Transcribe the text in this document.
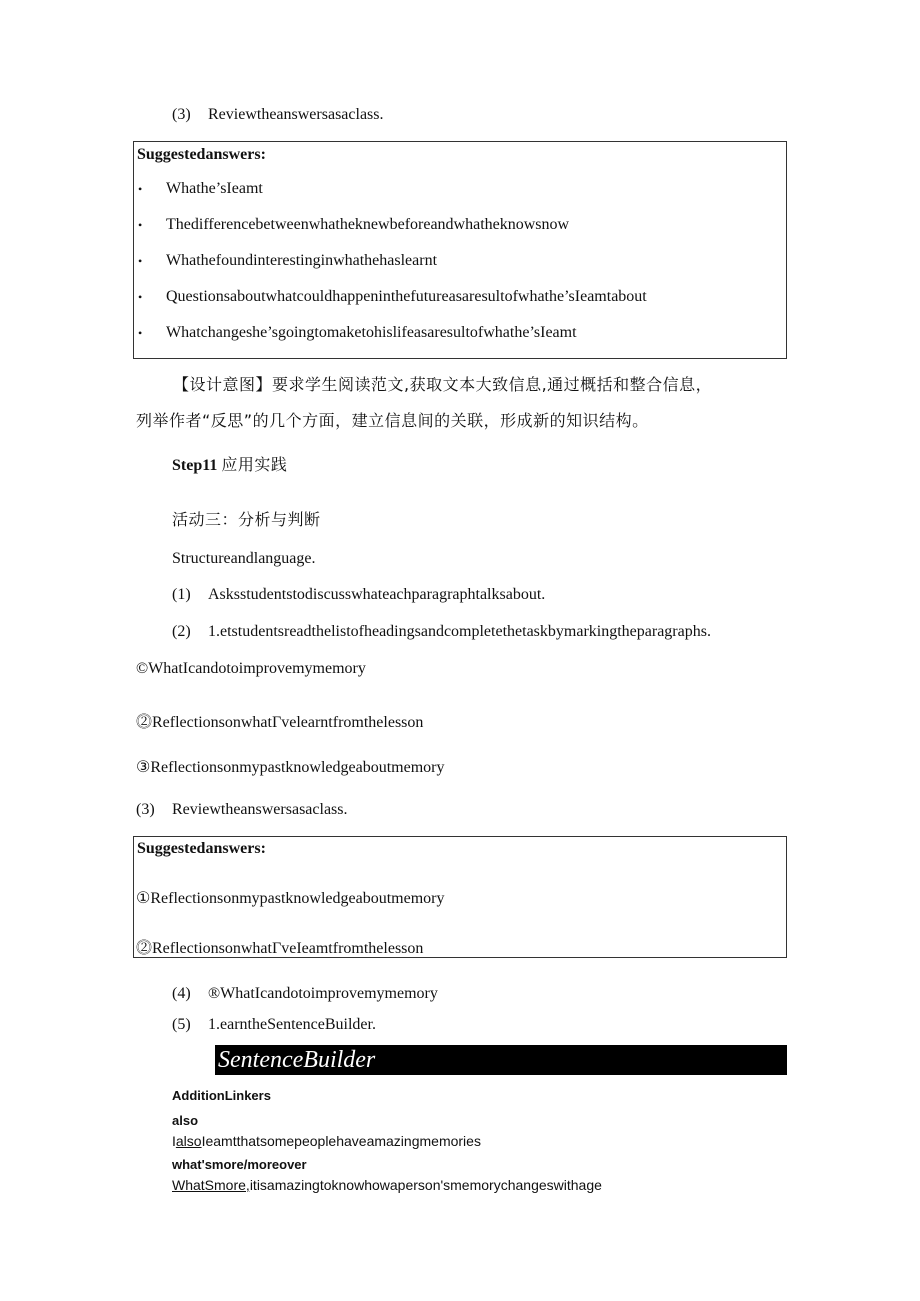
(3) Reviewtheanswersasaclass.
Suggestedanswers:
• Whathe’sIeamt
• Thedifferencebetweenwhatheknewbeforeandwhatheknowsnow
• Whathefoundinterestinginwhathehaslearnt
• Questionsaboutwhatcouldhappeninthefutureasaresultofwhathe’sIeamtabout
• Whatchangeshe’sgoingtomaketohislifeasaresultofwhathe’sIeamt
【设计意图】要求学生阅读范文,获取文本大致信息,通过概括和整合信息，
列举作者“反思”的几个方面，建立信息间的关联，形成新的知识结构。
Step11 应用实践
活动三：分析与判断
Structureandlanguage.
(1) Asksstudentstodiscusswhateachparagraphtalksabout.
(2) 1.etstudentsreadthelistofheadingsandcompletethetaskbymarkingtheparagraphs.
©WhatIcandotoimprovemymemory
⓶ReflectionsonwhatΓvelearntfromthelesson
③Reflectionsonmypastknowledgeaboutmemory
(3) Reviewtheanswersasaclass.
Suggestedanswers:
①Reflectionsonmypastknowledgeaboutmemory
⓶ReflectionsonwhatΓveIeamtfromthelesson
(4) ®WhatIcandotoimprovemymemory
(5) 1.earntheSentenceBuilder.
SentenceBuilder
AdditionLinkers
also
IalsoIeamtthatsomepeoplehaveamazingmemories
what'smore/moreover
WhatSmore,itisamazingtoknowhowaperson'smemorychangeswithage
